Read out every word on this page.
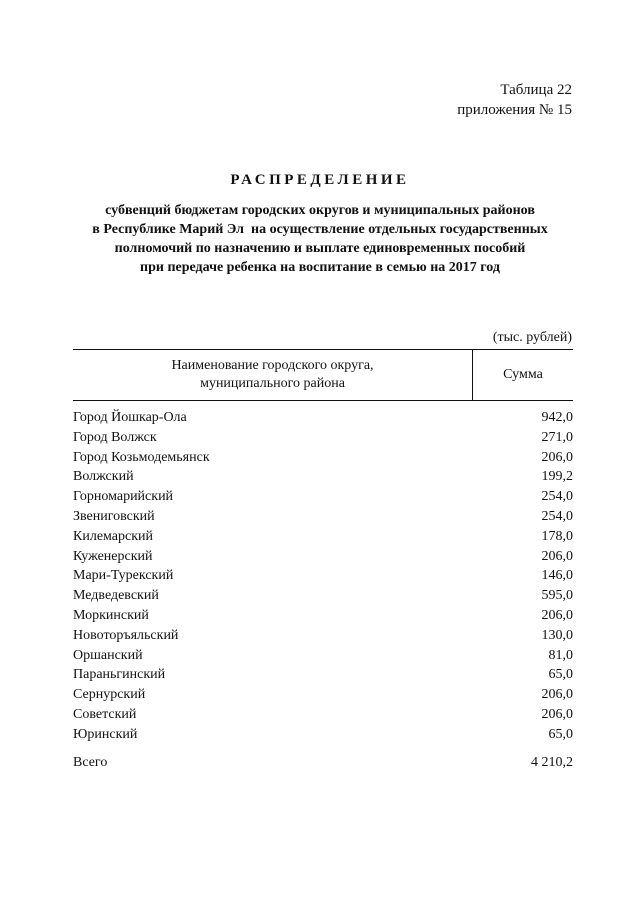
Таблица 22
приложения № 15
РАСПРЕДЕЛЕНИЕ
субвенций бюджетам городских округов и муниципальных районов
в Республике Марий Эл  на осуществление отдельных государственных
полномочий по назначению и выплате единовременных пособий
при передаче ребенка на воспитание в семью на 2017 год
(тыс. рублей)
Наименование городского округа,
муниципального района
Сумма
Город Йошкар-Ола	942,0
Город Волжск	271,0
Город Козьмодемьянск	206,0
Волжский	199,2
Горномарийский	254,0
Звениговский	254,0
Килемарский	178,0
Куженерский	206,0
Мари-Турекский	146,0
Медведевский	595,0
Моркинский	206,0
Новоторъяльский	130,0
Оршанский	81,0
Параньгинский	65,0
Сернурский	206,0
Советский	206,0
Юринский	65,0
Всего	4 210,2
